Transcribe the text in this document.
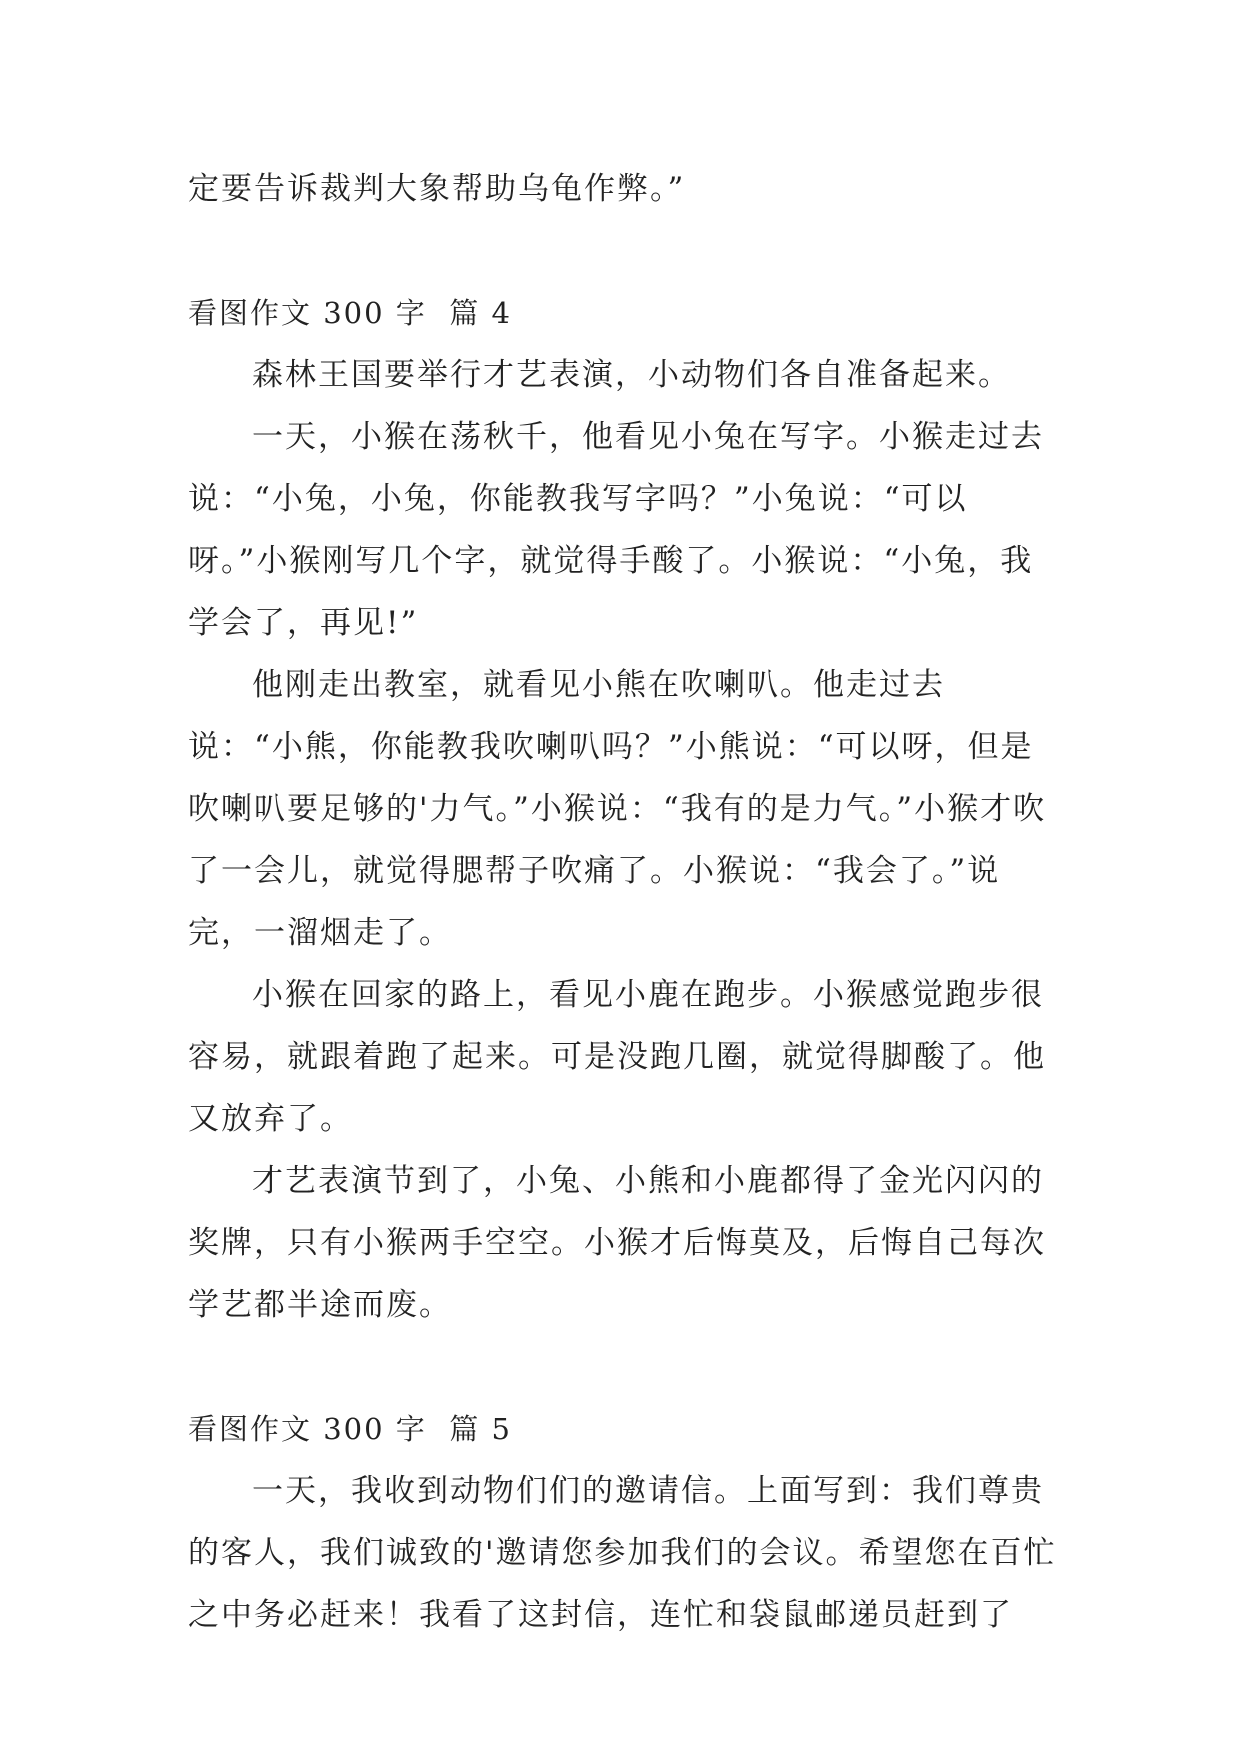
定要告诉裁判大象帮助乌龟作弊。”

看图作文 300 字  篇 4

森林王国要举行才艺表演，小动物们各自准备起来。

一天，小猴在荡秋千，他看见小兔在写字。小猴走过去说：“小兔，小兔，你能教我写字吗？”小兔说：“可以呀。”小猴刚写几个字，就觉得手酸了。小猴说：“小兔，我学会了，再见!”

他刚走出教室，就看见小熊在吹喇叭。他走过去说：“小熊，你能教我吹喇叭吗？”小熊说：“可以呀，但是吹喇叭要足够的'力气。”小猴说：“我有的是力气。”小猴才吹了一会儿，就觉得腮帮子吹痛了。小猴说：“我会了。”说完，一溜烟走了。

小猴在回家的路上，看见小鹿在跑步。小猴感觉跑步很容易，就跟着跑了起来。可是没跑几圈，就觉得脚酸了。他又放弃了。

才艺表演节到了，小兔、小熊和小鹿都得了金光闪闪的奖牌，只有小猴两手空空。小猴才后悔莫及，后悔自己每次学艺都半途而废。

看图作文 300 字  篇 5

一天，我收到动物们们的邀请信。上面写到：我们尊贵的客人，我们诚致的'邀请您参加我们的会议。希望您在百忙之中务必赶来！我看了这封信，连忙和袋鼠邮递员赶到了
